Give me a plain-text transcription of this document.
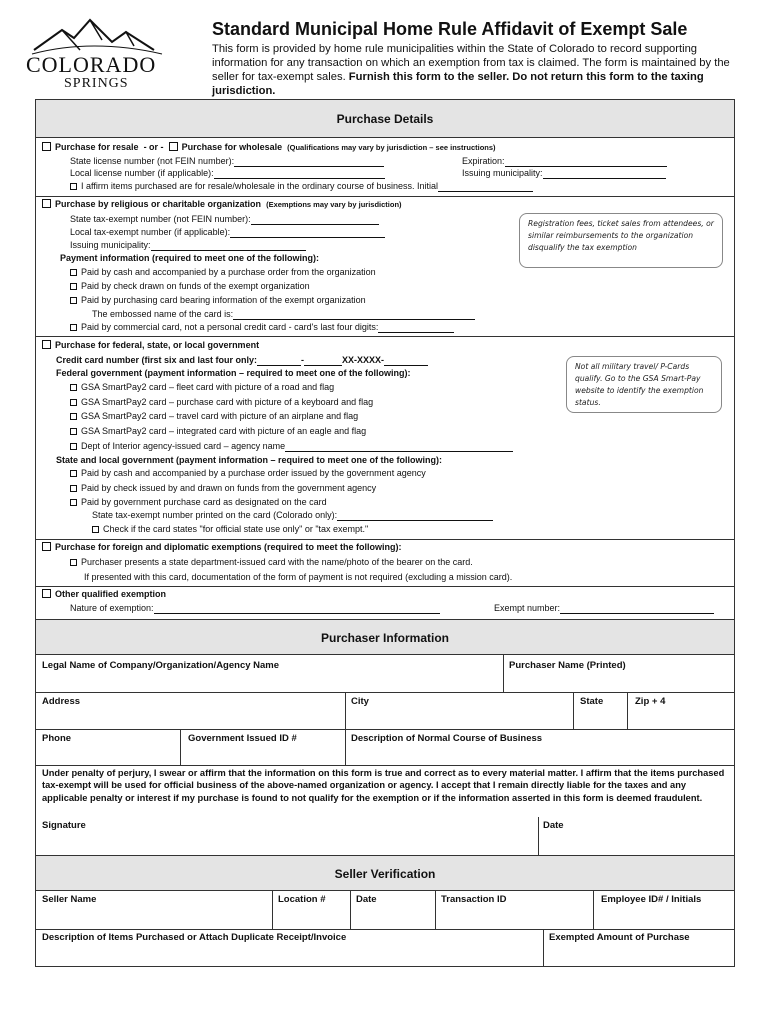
COLORADO
SPRINGS
Standard Municipal Home Rule Affidavit of Exempt Sale
This form is provided by home rule municipalities within the State of Colorado to record supporting information for any transaction on which an exemption from tax is claimed. The form is maintained by the seller for tax-exempt sales. Furnish this form to the seller. Do not return this form to the taxing jurisdiction.
Purchase Details
Purchase for resale - or - Purchase for wholesale (Qualifications may vary by jurisdiction – see instructions)
State license number (not FEIN number):	Expiration:
Local license number (if applicable):	Issuing municipality:
I affirm items purchased are for resale/wholesale in the ordinary course of business. Initial
Purchase by religious or charitable organization (Exemptions may vary by jurisdiction)
State tax-exempt number (not FEIN number):
Local tax-exempt number (if applicable):
Issuing municipality:
Payment information (required to meet one of the following):
Paid by cash and accompanied by a purchase order from the organization
Paid by check drawn on funds of the exempt organization
Paid by purchasing card bearing information of the exempt organization
The embossed name of the card is:
Paid by commercial card, not a personal credit card - card's last four digits:
Registration fees, ticket sales from attendees, or similar reimbursements to the organization disqualify the tax exemption
Purchase for federal, state, or local government
Credit card number (first six and last four only:	-	XX-XXXX-
Federal government (payment information – required to meet one of the following):
GSA SmartPay2 card – fleet card with picture of a road and flag
GSA SmartPay2 card – purchase card with picture of a keyboard and flag
GSA SmartPay2 card – travel card with picture of an airplane and flag
GSA SmartPay2 card – integrated card with picture of an eagle and flag
Dept of Interior agency-issued card – agency name
State and local government (payment information – required to meet one of the following):
Paid by cash and accompanied by a purchase order issued by the government agency
Paid by check issued by and drawn on funds from the government agency
Paid by government purchase card as designated on the card
State tax-exempt number printed on the card (Colorado only):
Check if the card states "for official state use only" or "tax exempt."
Not all military travel/ P-Cards qualify. Go to the GSA Smart-Pay website to identify the exemption status.
Purchase for foreign and diplomatic exemptions (required to meet the following):
Purchaser presents a state department-issued card with the name/photo of the bearer on the card.
If presented with this card, documentation of the form of payment is not required (excluding a mission card).
Other qualified exemption
Nature of exemption:	Exempt number:
Purchaser Information
Legal Name of Company/Organization/Agency Name	Purchaser Name (Printed)
Address	City	State	Zip + 4
Phone	Government Issued ID #	Description of Normal Course of Business
Under penalty of perjury, I swear or affirm that the information on this form is true and correct as to every material matter. I affirm that the items purchased tax-exempt will be used for official business of the above-named organization or agency. I accept that I remain directly liable for the taxes and any applicable penalty or interest if my purchase is found to not qualify for the exemption or if the information asserted in this form is deemed fraudulent.
Signature	Date
Seller Verification
Seller Name	Location #	Date	Transaction ID	Employee ID# / Initials
Description of Items Purchased or Attach Duplicate Receipt/Invoice	Exempted Amount of Purchase
